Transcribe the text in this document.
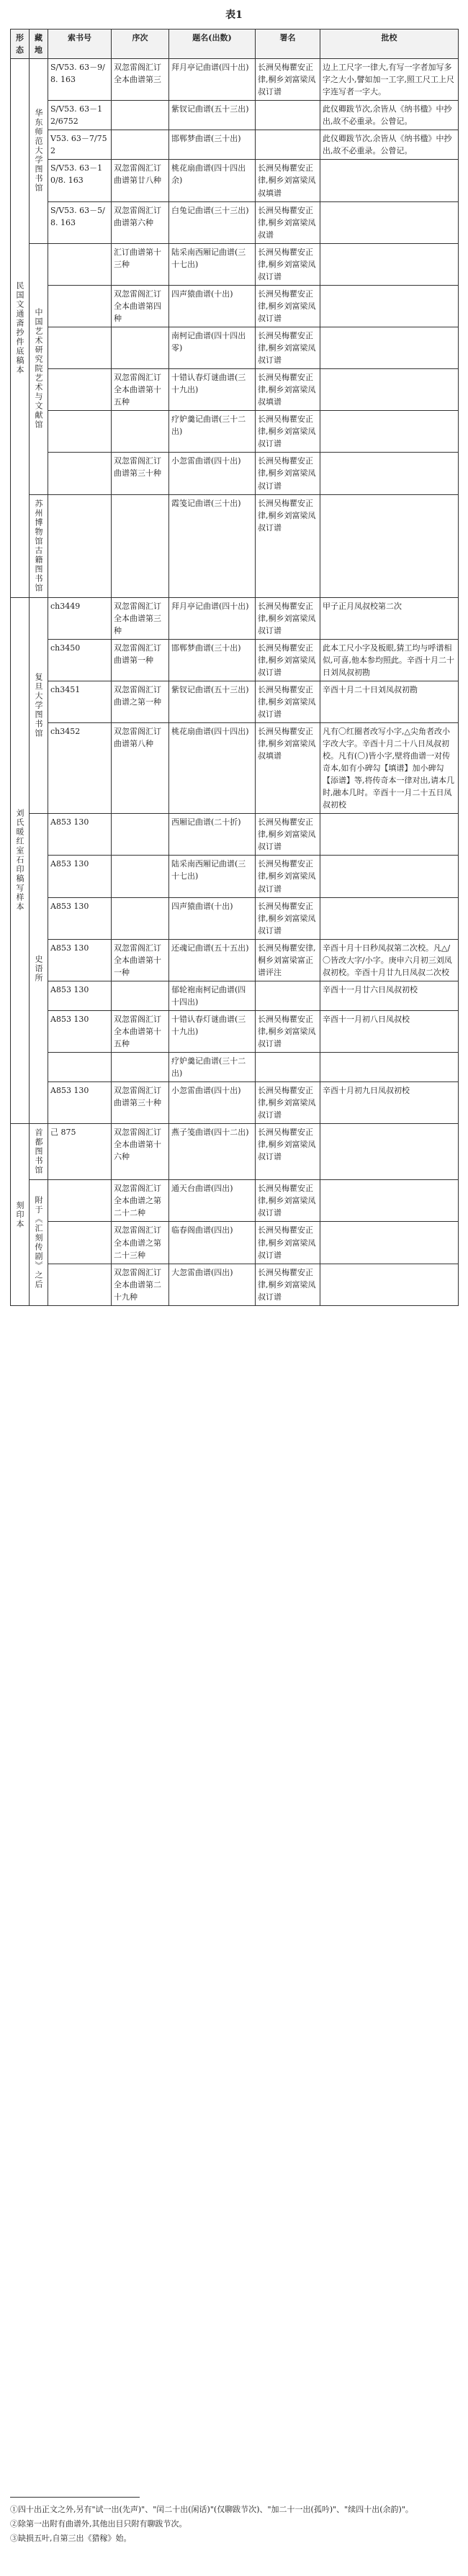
表1
形态	藏地	索书号	序次	题名(出数)	署名	批校
民国文通斋抄件底稿本	华东师范大学图书馆	S/V53. 63－9/8. 163	双忽雷阁汇订全本曲谱第三	拜月亭记曲谱(四十出)	长洲吴梅瞿安正律,桐乡刘富梁凤叔订谱	边上工尺字一律大,有写一字者加写多字之大小,譬如加一工字,照工尺工上尺字连写者一字大。
		S/V53. 63－12/6752		紫钗记曲谱(五十三出)		此仪卿跋节次,余皆从《纳书楹》中抄出,故不必重录。公曾记。
		V53. 63－7/752		邯郸梦曲谱(三十出)		此仪卿跋节次,余皆从《纳书楹》中抄出,故不必重录。公曾记。
		S/V53. 63－10/8. 163	双忽雷阁汇订曲谱第廿八种	桃花扇曲谱(四十四出余)	长洲吴梅瞿安正律,桐乡刘富梁凤叔填谱	
		S/V53. 63－5/8. 163	双忽雷阁汇订曲谱第六种	白兔记曲谱(三十三出)	长洲吴梅瞿安正律,桐乡刘富梁凤叔谱	
	中国艺术研究院艺术与文献馆		汇订曲谱第十三种	陆采南西厢记曲谱(三十七出)	长洲吴梅瞿安正律,桐乡刘富梁凤叔订谱	
			双忽雷阁汇订全本曲谱第四种	四声猿曲谱(十出)	长洲吴梅瞿安正律,桐乡刘富梁凤叔订谱	
				南柯记曲谱(四十四出零)	长洲吴梅瞿安正律,桐乡刘富梁凤叔订谱	
			双忽雷阁汇订全本曲谱第十五种	十错认春灯谜曲谱(三十九出)	长洲吴梅瞿安正律,桐乡刘富梁凤叔填谱	
				疗妒羹记曲谱(三十二出)	长洲吴梅瞿安正律,桐乡刘富梁凤叔订谱	
			双忽雷阁汇订曲谱第三十种	小忽雷曲谱(四十出)	长洲吴梅瞿安正律,桐乡刘富梁凤叔订谱	
	苏州博物馆古籍图书馆			霞笺记曲谱(三十出)	长洲吴梅瞿安正律,桐乡刘富梁凤叔订谱	
刘氏暖红室石印稿写样本	复旦大学图书馆	ch3449	双忽雷阁汇订全本曲谱第三种	拜月亭记曲谱(四十出)	长洲吴梅瞿安正律,桐乡刘富梁凤叔订谱	甲子正月凤叔校第二次
		ch3450	双忽雷阁汇订曲谱第一种	邯郸梦曲谱(三十出)	长洲吴梅瞿安正律,桐乡刘富梁凤叔订谱	此本工尺小字及板眼,猜工均与呼谱相似,可喜,他本参均照此。辛酉十月二十日刘凤叔初勘
		ch3451	双忽雷阁汇订曲谱之第一种	紫钗记曲谱(五十三出)	长洲吴梅瞿安正律,桐乡刘富梁凤叔订谱	辛酉十月二十日刘凤叔初勘
		ch3452	双忽雷阁汇订曲谱第八种	桃花扇曲谱(四十四出)	长洲吴梅瞿安正律,桐乡刘富梁凤叔填谱	凡有〇红圈者改写小字,△尖角者改小字改大字。辛酉十月二十八日凤叔初校。凡有(〇)皆小字,壁将曲谱一对传奇本,如有小碑勾【填谱】加小碑勾【添谱】等,将传奇本一律对出,请本几时,融本几时。辛酉十一月二十五日凤叔初校
	史语所	A853 130		西厢记曲谱(二十折)	长洲吴梅瞿安正律,桐乡刘富梁凤叔订谱	
		A853 130		陆采南西厢记曲谱(三十七出)	长洲吴梅瞿安正律,桐乡刘富梁凤叔订谱	
		A853 130		四声猿曲谱(十出)	长洲吴梅瞿安正律,桐乡刘富梁凤叔订谱	
		A853 130	双忽雷阁汇订全本曲谱第十一种	还魂记曲谱(五十五出)	长洲吴梅瞿安律,桐乡刘富梁富正谱评注	辛酉十月十日秒凤叔第二次校。凡△/〇皆改大字/小字。庚申六月初三刘凤叔初校。辛酉十月廿九日凤叔二次校
		A853 130		郁轮袍南柯记曲谱(四十四出)		辛酉十一月廿六日凤叔初校
		A853 130	双忽雷阁汇订全本曲谱第十五种	十错认春灯谜曲谱(三十九出)	长洲吴梅瞿安正律,桐乡刘富梁凤叔订谱	辛酉十一月初八日凤叔校
				疗妒羹记曲谱(三十二出)		
		A853 130	双忽雷阁汇订曲谱第三十种	小忽雷曲谱(四十出)	长洲吴梅瞿安正律,桐乡刘富梁凤叔订谱	辛酉十月初九日凤叔初校
刻印本	首都图书馆	己 875	双忽雷阁汇订全本曲谱第十六种	燕子笺曲谱(四十二出)	长洲吴梅瞿安正律,桐乡刘富梁凤叔订谱	
	附于《汇刻传剧》之后		双忽雷阁汇订全本曲谱之第二十二种	通天台曲谱(四出)	长洲吴梅瞿安正律,桐乡刘富梁凤叔订谱	
			双忽雷阁汇订全本曲谱之第二十三种	临春阁曲谱(四出)	长洲吴梅瞿安正律,桐乡刘富梁凤叔订谱	
			双忽雷阁汇订全本曲谱第二十九种	大忽雷曲谱(四出)	长洲吴梅瞿安正律,桐乡刘富梁凤叔订谱	

①四十出正文之外,另有"试一出(先声)"、"闰二十出(闲话)"(仅聊跋节次)、"加二十一出(孤吟)"、"续四十出(余韵)"。

②除第一出附有曲谱外,其他出目只附有聊跋节次。

③缺损五叶,自第三出《猎稼》始。
